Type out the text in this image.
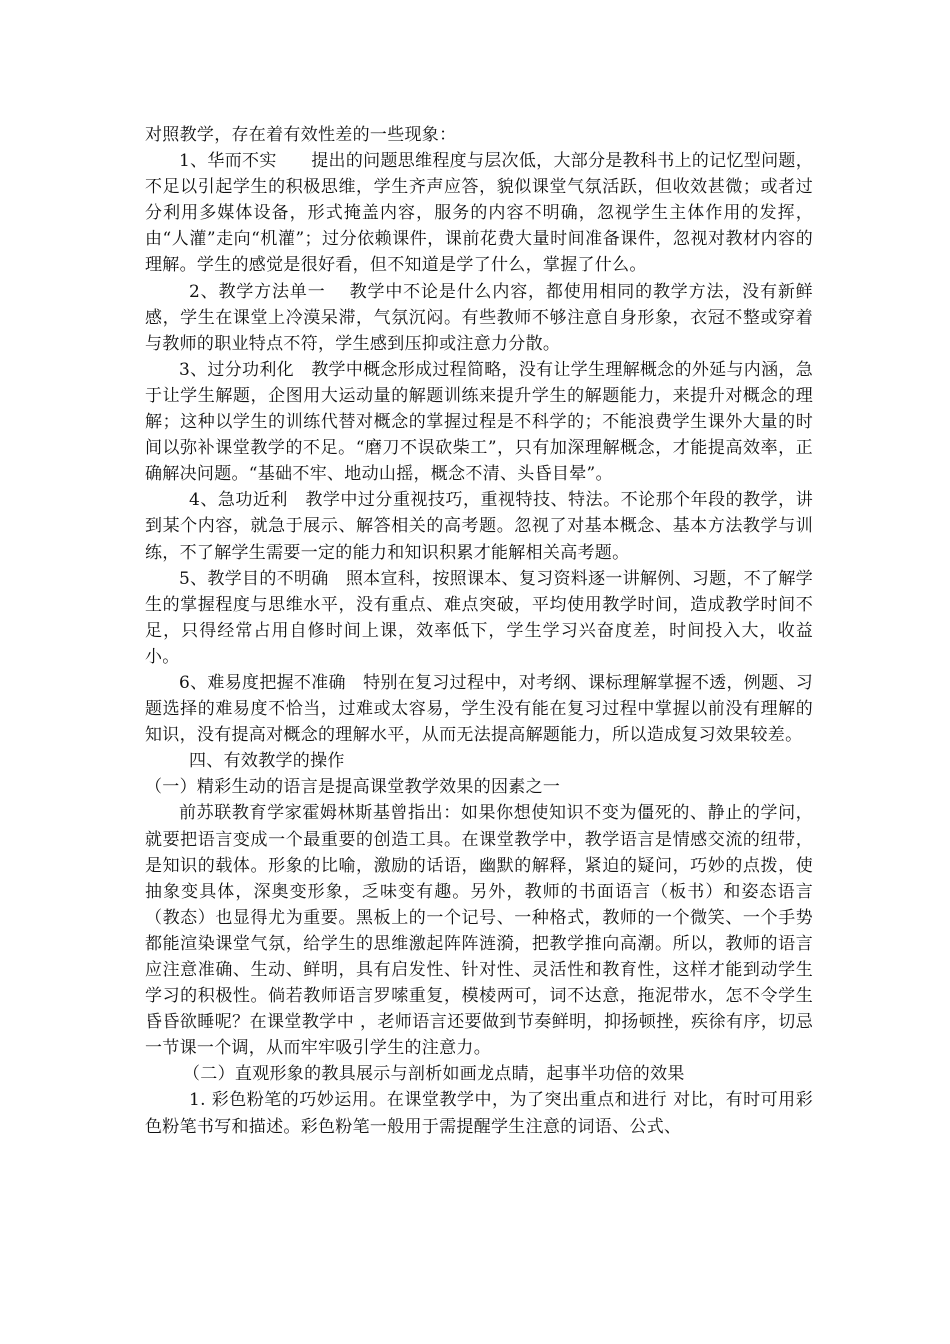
对照教学，存在着有效性差的一些现象：

1、华而不实　　提出的问题思维程度与层次低，大部分是教科书上的记忆型问题，不足以引起学生的积极思维，学生齐声应答，貌似课堂气氛活跃，但收效甚微；或者过分利用多媒体设备，形式掩盖内容，服务的内容不明确，忽视学生主体作用的发挥，由“人灌”走向“机灌”；过分依赖课件，课前花费大量时间准备课件，忽视对教材内容的理解。学生的感觉是很好看，但不知道是学了什么，掌握了什么。

2、教学方法单一　 教学中不论是什么内容，都使用相同的教学方法，没有新鲜感，学生在课堂上冷漠呆滞，气氛沉闷。有些教师不够注意自身形象，衣冠不整或穿着与教师的职业特点不符，学生感到压抑或注意力分散。

3、过分功利化　教学中概念形成过程简略，没有让学生理解概念的外延与内涵，急于让学生解题，企图用大运动量的解题训练来提升学生的解题能力，来提升对概念的理解；这种以学生的训练代替对概念的掌握过程是不科学的；不能浪费学生课外大量的时间以弥补课堂教学的不足。“磨刀不误砍柴工”，只有加深理解概念，才能提高效率，正确解决问题。“基础不牢、地动山摇，概念不清、头昏目晕”。

4、急功近利　教学中过分重视技巧，重视特技、特法。不论那个年段的教学，讲到某个内容，就急于展示、解答相关的高考题。忽视了对基本概念、基本方法教学与训练，不了解学生需要一定的能力和知识积累才能解相关高考题。

5、教学目的不明确　照本宣科，按照课本、复习资料逐一讲解例、习题，不了解学生的掌握程度与思维水平，没有重点、难点突破，平均使用教学时间，造成教学时间不足，只得经常占用自修时间上课，效率低下，学生学习兴奋度差，时间投入大，收益小。

6、难易度把握不准确　特别在复习过程中，对考纲、课标理解掌握不透，例题、习题选择的难易度不恰当，过难或太容易，学生没有能在复习过程中掌握以前没有理解的知识，没有提高对概念的理解水平，从而无法提高解题能力，所以造成复习效果较差。

四、有效教学的操作

（一）精彩生动的语言是提高课堂教学效果的因素之一

前苏联教育学家霍姆林斯基曾指出：如果你想使知识不变为僵死的、静止的学问，就要把语言变成一个最重要的创造工具。在课堂教学中，教学语言是情感交流的纽带，是知识的载体。形象的比喻，激励的话语，幽默的解释，紧迫的疑问，巧妙的点拨，使抽象变具体，深奥变形象，乏味变有趣。另外，教师的书面语言（板书）和姿态语言（教态）也显得尤为重要。黑板上的一个记号、一种格式，教师的一个微笑、一个手势都能渲染课堂气氛，给学生的思维激起阵阵涟漪，把教学推向高潮。所以，教师的语言应注意准确、生动、鲜明，具有启发性、针对性、灵活性和教育性，这样才能到动学生学习的积极性。倘若教师语言罗嗦重复，模棱两可，词不达意，拖泥带水，怎不令学生昏昏欲睡呢？在课堂教学中 ，老师语言还要做到节奏鲜明，抑扬顿挫，疾徐有序，切忌一节课一个调，从而牢牢吸引学生的注意力。

（二）直观形象的教具展示与剖析如画龙点睛，起事半功倍的效果

1. 彩色粉笔的巧妙运用。在课堂教学中，为了突出重点和进行 对比，有时可用彩色粉笔书写和描述。彩色粉笔一般用于需提醒学生注意的词语、公式、
